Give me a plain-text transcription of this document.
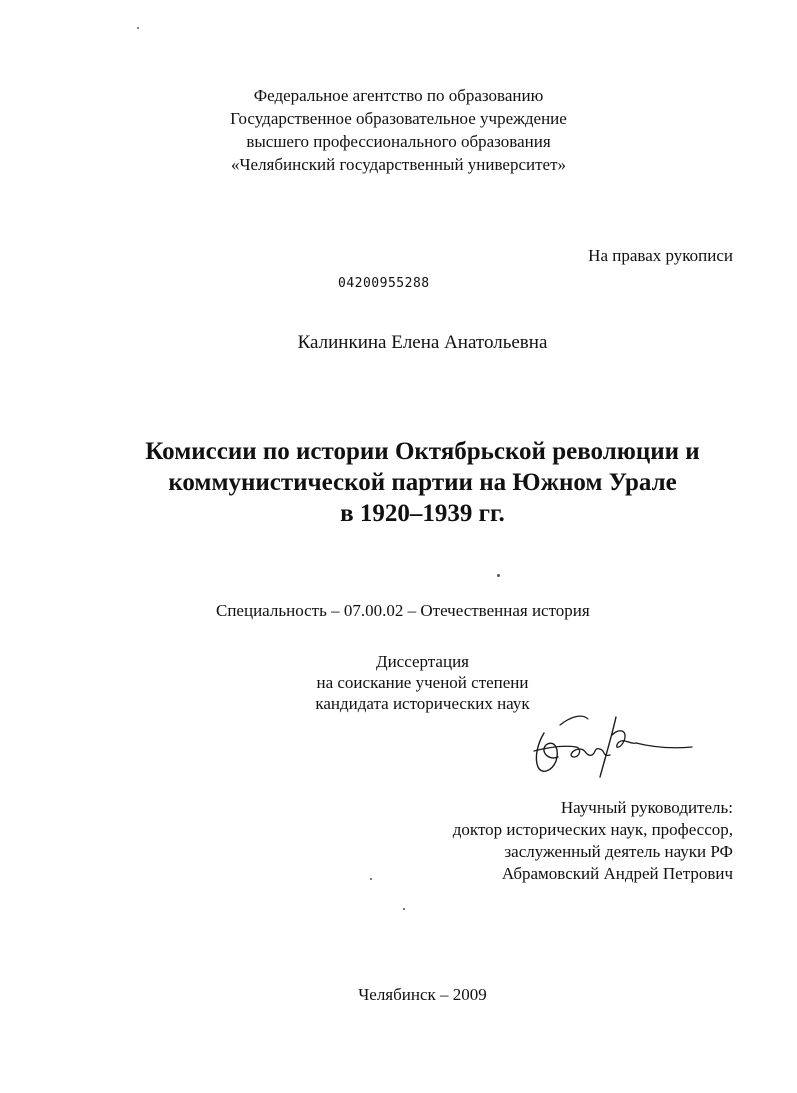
Федеральное агентство по образованию
Государственное образовательное учреждение
высшего профессионального образования
«Челябинский государственный университет»
На правах рукописи
04200955288
Калинкина Елена Анатольевна
Комиссии по истории Октябрьской революции и
коммунистической партии на Южном Урале
в 1920–1939 гг.
Специальность – 07.00.02 – Отечественная история
Диссертация
на соискание ученой степени
кандидата исторических наук
Научный руководитель:
доктор исторических наук, профессор,
заслуженный деятель науки РФ
Абрамовский Андрей Петрович
Челябинск – 2009
